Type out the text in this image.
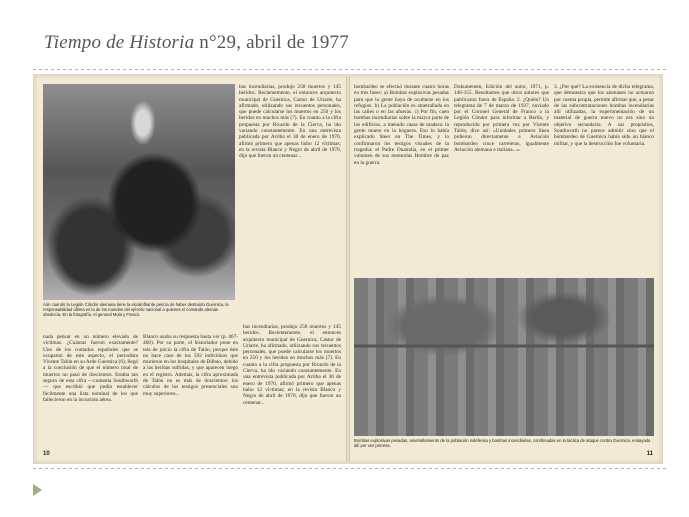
Tiempo de Historia n°29, abril de 1977
Aún cuando la Legión Cóndor alemana tiene la escalofriante pericia de haber destruido Guernica, la responsabilidad última es la de los mandos del ejército nacional a quienes el comando alemán obedecía. En la fotografía, el general Mola y Franco.
bas incendiarias, produjo 258 muertos y 145 heridos. Recientemente, el entonces arquitecto municipal de Guernica, Castor de Uriarte, ha afirmado, utilizando sus recuentos personales, que puede calcularse los muertos en 250 y los heridos en muchos más (7). En cuanto a la cifra propuesta por Ricardo de la Cierva, ha ido variando constantemente. En una entrevista publicada por Arriba el 30 de enero de 1970, afirmó primero que apenas hubo 12 víctimas; en la revista Blanco y Negro de abril de 1970, dijo que fueron un centenar...
nada pensar en un número elevado de víctimas. ¿Cuántas fueron exactamente? Uno de los contados españoles que se ocuparon de este aspecto, el periodista Vicente Talón en su Arde Guernica (6), llegó a la conclusión de que el número total de muertos no pasó de doscientos. Estaba tan seguro de esta cifra —comenta Southworth— que escribió que podía establecer fácilmente una lista nominal de los que fallecieron en la incursión aérea.
Blanco usaba su respuesta hasta ver (p. 467-468). Por su parte, el historiador pone en tela de juicio la cifra de Talón, porque éste no hace caso de los 592 individuos que murieron en los hospitales de Bilbao, debido a las heridas sufridas, y que aparecen luego en el registro. Además, la cifra aproximada de Talón no es más de doscientos: los cálculos de los testigos presenciales son muy superiores...
bas incendiarias, produjo 258 muertos y 145 heridos. Recientemente, el entonces arquitecto municipal de Guernica, Castor de Uriarte, ha afirmado, utilizando sus recuentos personales, que puede calcularse los muertos en 250 y los heridos en muchos más (7). En cuanto a la cifra propuesta por Ricardo de la Cierva, ha ido variando constantemente. En una entrevista publicada por Arriba el 30 de enero de 1970, afirmó primero que apenas hubo 12 víctimas; en la revista Blanco y Negro de abril de 1970, dijo que fueron un centenar...
10
bombardeo se efectuó durante cuatro horas en tres fases: a) Bombas explosivas pesadas para que la gente haya de ocultarse en los refugios. b) La población es ametrallada en las calles o en las afueras. c) Por fin, caen bombas incendiarias sobre la mayor parte de los edificios, a menudo casas de madera: la gente muere en la hoguera. Eso lo había explicado Steer en The Times, y lo confirmaron los testigos visuales de la tragedia: el Padre Onaindía, en el primer volumen de sus memorias Hombre de paz en la guerra.
Dokumenten, Edición del autor, 1971, p. 146-155. Resultamos que otros autores que publicaron fuera de España. 2. ¿Quién? Un telegrama de 7 de marzo de 1937, enviado por el Coronel General de Franco a la Legión Cóndor para informar a Berlín, y reproducido por primera vez por Vicente Talón, dice así: «Unidades primera línea pidieron directamente a Aviación bombardeo cruce carreteras, igualmente Aviación alemana e italiana...».
3. ¿Por qué? La existencia de dicho telegrama, que demuestra que los alemanes no actuaron por cuenta propia, permite afirmar que, a pesar de las subcontrataciones bombas incendiarias allí utilizadas, la experimentación de un material de guerra nuevo no era sino un objetivo secundario. A sus propósitos, Southworth no parece admitir sino que el bombardeo de Guernica había sido un blanco militar, y que la destrucción fue voluntaria.
Bombas explosivas pesadas, ametrallamiento de la población indefensa y bombas incendiarias, combinadas en la táctica de ataque contra Guernica, ensayada allí por vez primera.
11
